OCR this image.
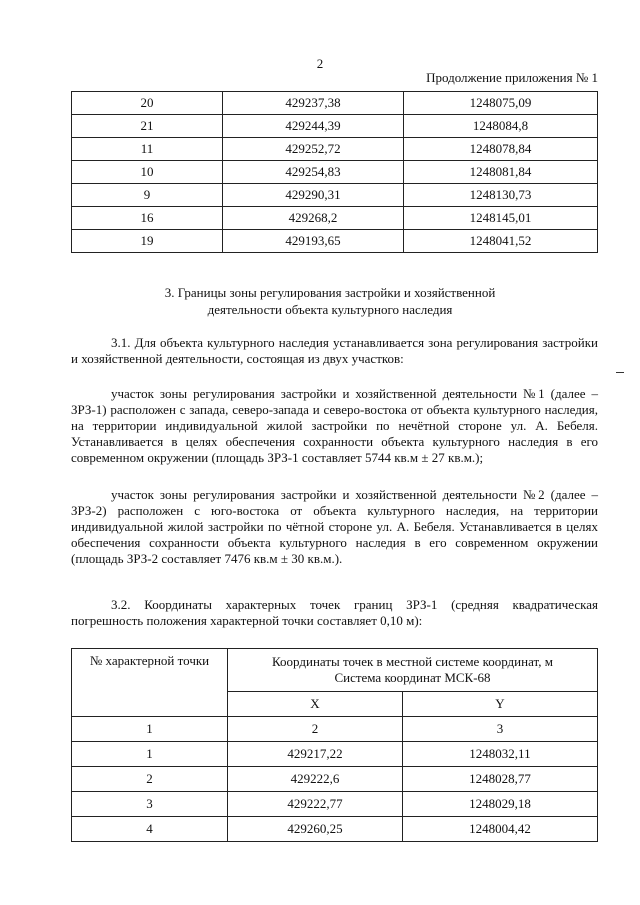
2
Продолжение приложения № 1
20	429237,38	1248075,09
21	429244,39	1248084,8
11	429252,72	1248078,84
10	429254,83	1248081,84
9	429290,31	1248130,73
16	429268,2	1248145,01
19	429193,65	1248041,52
3. Границы зоны регулирования застройки и хозяйственной
деятельности объекта культурного наследия
3.1. Для объекта культурного наследия устанавливается зона регулирования застройки и хозяйственной деятельности, состоящая из двух участков:
участок зоны регулирования застройки и хозяйственной деятельности №1 (далее – ЗРЗ-1) расположен с запада, северо-запада и северо-востока от объекта культурного наследия, на территории индивидуальной жилой застройки по нечётной стороне ул. А. Бебеля. Устанавливается в целях обеспечения сохранности объекта культурного наследия в его современном окружении (площадь ЗРЗ-1 составляет 5744 кв.м ± 27 кв.м.);
участок зоны регулирования застройки и хозяйственной деятельности №2 (далее – ЗРЗ-2) расположен с юго-востока от объекта культурного наследия, на территории индивидуальной жилой застройки по чётной стороне ул. А. Бебеля. Устанавливается в целях обеспечения сохранности объекта культурного наследия в его современном окружении (площадь ЗРЗ-2 составляет 7476 кв.м ± 30 кв.м.).
3.2. Координаты характерных точек границ ЗРЗ-1 (средняя квадратическая погрешность положения характерной точки составляет 0,10 м):
№ характерной точки	Координаты точек в местной системе координат, м
Система координат МСК-68	

	X	Y
1	2	3
1	429217,22	1248032,11
2	429222,6	1248028,77
3	429222,77	1248029,18
4	429260,25	1248004,42
